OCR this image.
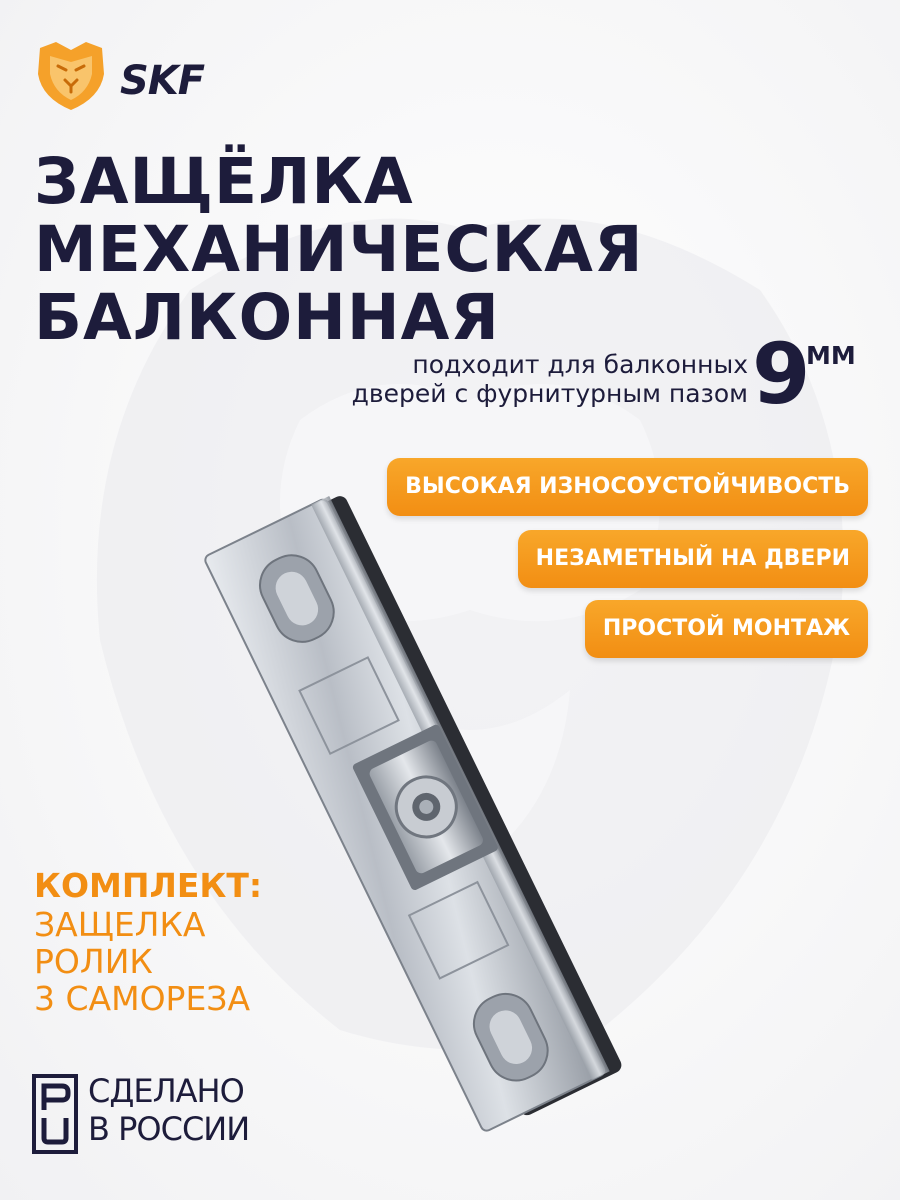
SKF
ЗАЩЁЛКА
МЕХАНИЧЕСКАЯ
БАЛКОННАЯ
подходит для балконных
дверей с фурнитурным пазом 9
ММ
ВЫСОКАЯ ИЗНОСОУСТОЙЧИВОСТЬ
НЕЗАМЕТНЫЙ НА ДВЕРИ
ПРОСТОЙ МОНТАЖ
КОМПЛЕКТ:
ЗАЩЕЛКА
РОЛИК
3 САМОРЕЗА
СДЕЛАНО
В РОССИИ
